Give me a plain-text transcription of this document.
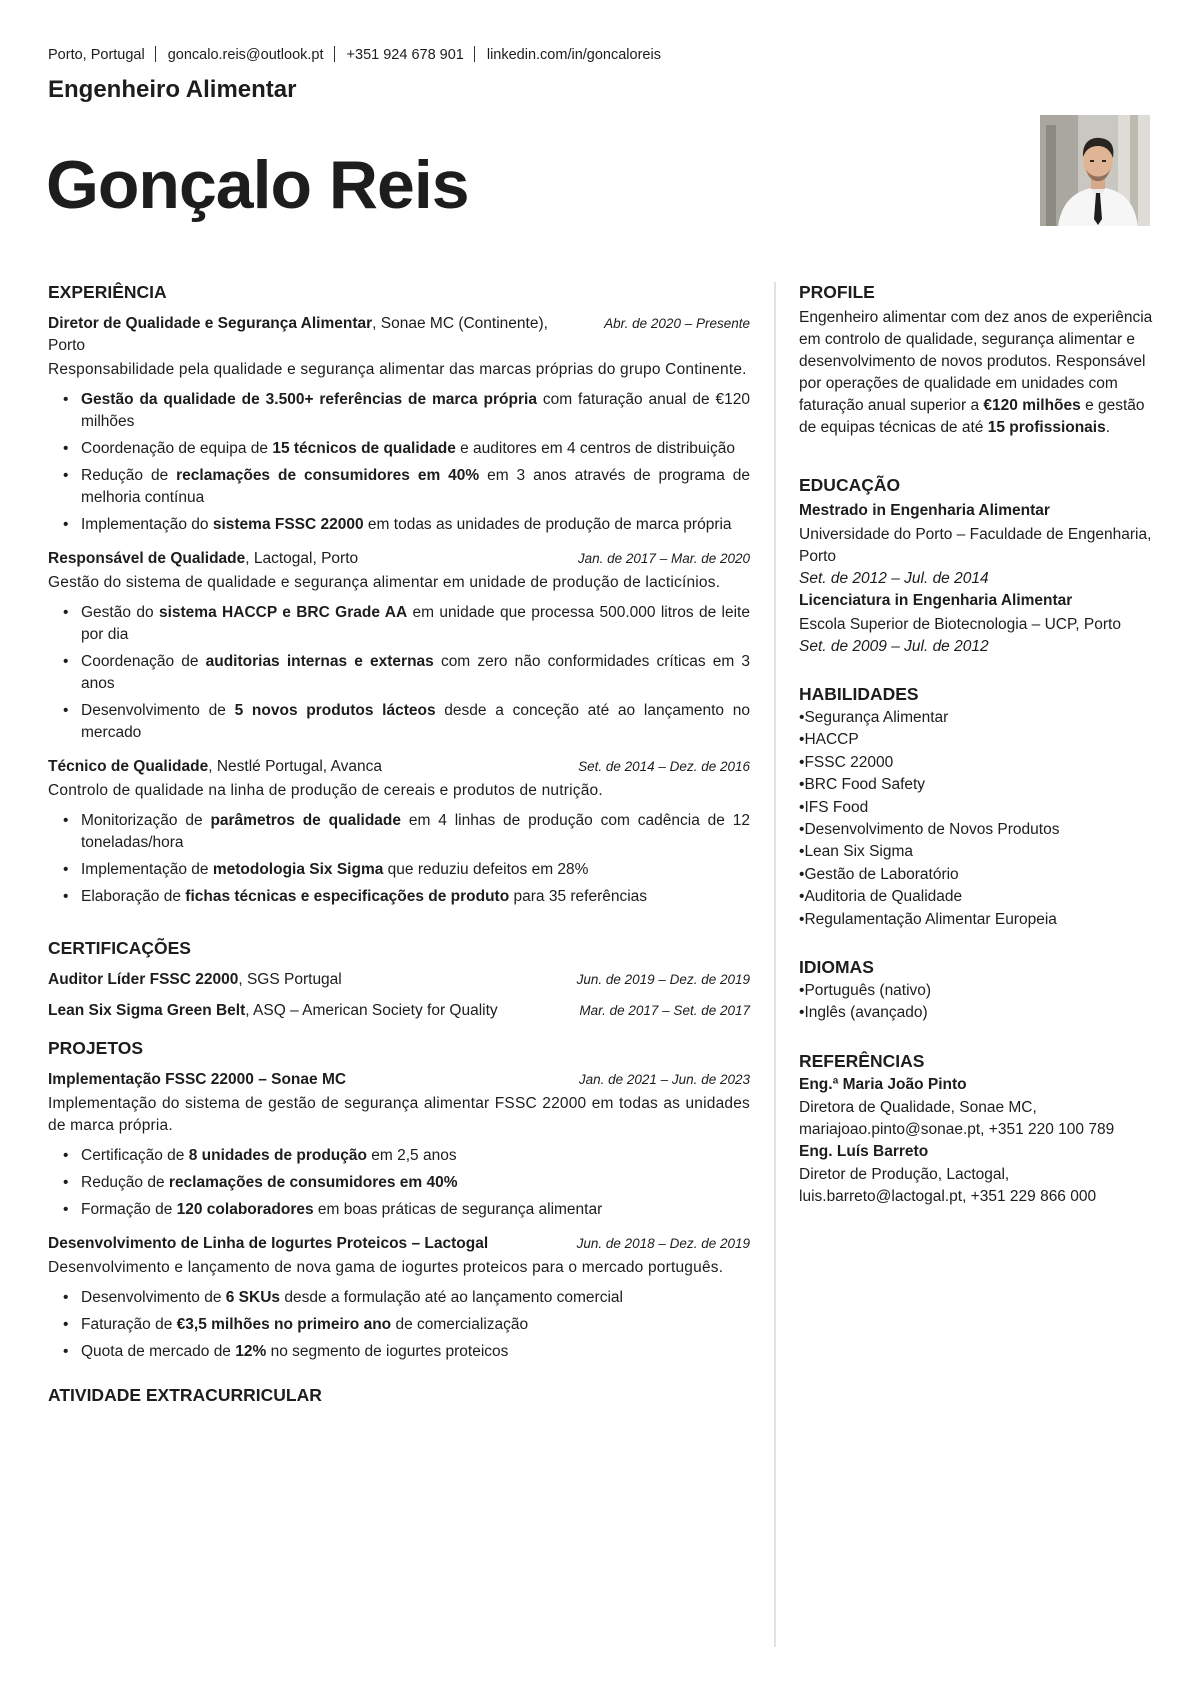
Porto, Portugal goncalo.reis@outlook.pt +351 924 678 901 linkedin.com/in/goncaloreis
Engenheiro Alimentar
Gonçalo Reis
EXPERIÊNCIA
Diretor de Qualidade e Segurança Alimentar, Sonae MC (Continente), Porto
Abr. de 2020 – Presente
Responsabilidade pela qualidade e segurança alimentar das marcas próprias do grupo Continente.
• Gestão da qualidade de 3.500+ referências de marca própria com faturação anual de €120 milhões
• Coordenação de equipa de 15 técnicos de qualidade e auditores em 4 centros de distribuição
• Redução de reclamações de consumidores em 40% em 3 anos através de programa de melhoria contínua
• Implementação do sistema FSSC 22000 em todas as unidades de produção de marca própria
Responsável de Qualidade, Lactogal, Porto	Jan. de 2017 – Mar. de 2020
Gestão do sistema de qualidade e segurança alimentar em unidade de produção de lacticínios.
• Gestão do sistema HACCP e BRC Grade AA em unidade que processa 500.000 litros de leite por dia
• Coordenação de auditorias internas e externas com zero não conformidades críticas em 3 anos
• Desenvolvimento de 5 novos produtos lácteos desde a conceção até ao lançamento no mercado
Técnico de Qualidade, Nestlé Portugal, Avanca	Set. de 2014 – Dez. de 2016
Controlo de qualidade na linha de produção de cereais e produtos de nutrição.
• Monitorização de parâmetros de qualidade em 4 linhas de produção com cadência de 12 toneladas/hora
• Implementação de metodologia Six Sigma que reduziu defeitos em 28%
• Elaboração de fichas técnicas e especificações de produto para 35 referências
CERTIFICAÇÕES
Auditor Líder FSSC 22000, SGS Portugal	Jun. de 2019 – Dez. de 2019
Lean Six Sigma Green Belt, ASQ – American Society for Quality	Mar. de 2017 – Set. de 2017
PROJETOS
Implementação FSSC 22000 – Sonae MC	Jan. de 2021 – Jun. de 2023
Implementação do sistema de gestão de segurança alimentar FSSC 22000 em todas as unidades de marca própria.
• Certificação de 8 unidades de produção em 2,5 anos
• Redução de reclamações de consumidores em 40%
• Formação de 120 colaboradores em boas práticas de segurança alimentar
Desenvolvimento de Linha de Iogurtes Proteicos – Lactogal	Jun. de 2018 – Dez. de 2019
Desenvolvimento e lançamento de nova gama de iogurtes proteicos para o mercado português.
• Desenvolvimento de 6 SKUs desde a formulação até ao lançamento comercial
• Faturação de €3,5 milhões no primeiro ano de comercialização
• Quota de mercado de 12% no segmento de iogurtes proteicos
ATIVIDADE EXTRACURRICULAR
PROFILE
Engenheiro alimentar com dez anos de experiência em controlo de qualidade, segurança alimentar e desenvolvimento de novos produtos. Responsável por operações de qualidade em unidades com faturação anual superior a €120 milhões e gestão de equipas técnicas de até 15 profissionais.
EDUCAÇÃO
Mestrado in Engenharia Alimentar
Universidade do Porto – Faculdade de Engenharia, Porto
Set. de 2012 – Jul. de 2014
Licenciatura in Engenharia Alimentar
Escola Superior de Biotecnologia – UCP, Porto
Set. de 2009 – Jul. de 2012
HABILIDADES
• Segurança Alimentar
• HACCP
• FSSC 22000
• BRC Food Safety
• IFS Food
• Desenvolvimento de Novos Produtos
• Lean Six Sigma
• Gestão de Laboratório
• Auditoria de Qualidade
• Regulamentação Alimentar Europeia
IDIOMAS
• Português (nativo)
• Inglês (avançado)
REFERÊNCIAS
Eng.ª Maria João Pinto
Diretora de Qualidade, Sonae MC, mariajoao.pinto@sonae.pt, +351 220 100 789
Eng. Luís Barreto
Diretor de Produção, Lactogal, luis.barreto@lactogal.pt, +351 229 866 000
